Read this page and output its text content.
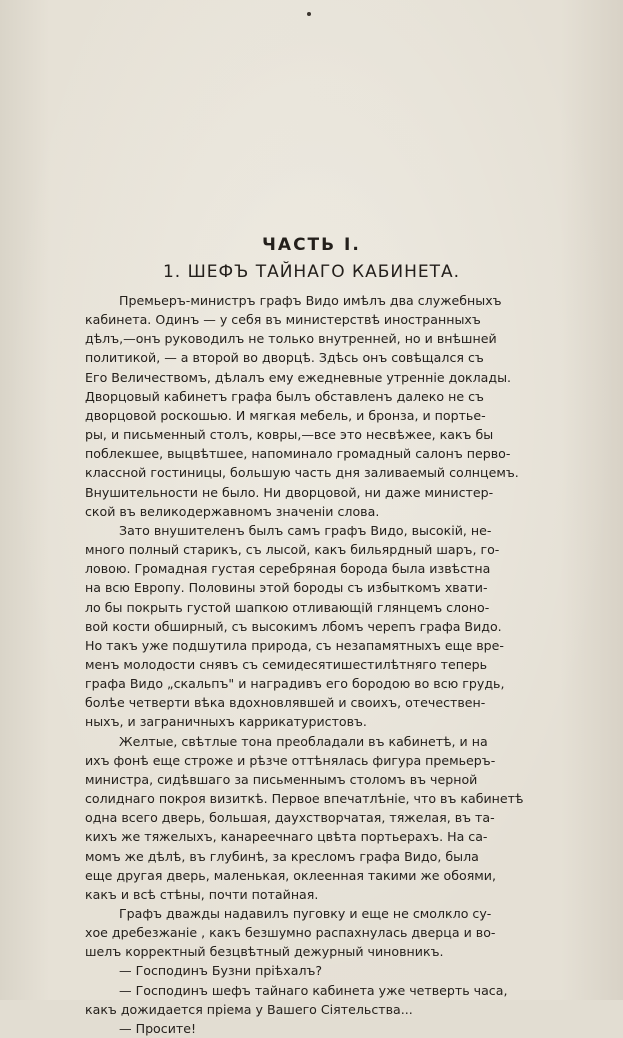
ЧАСТЬ I.
1. ШЕФЪ ТАЙНАГО КАБИНЕТА.
Премьеръ-министръ графъ Видо имѣлъ два служебныхъ
кабинета. Одинъ — у себя въ министерствѣ иностранныхъ
дѣлъ,—онъ руководилъ не только внутренней, но и внѣшней
политикой, — а второй во дворцѣ. Здѣсь онъ совѣщался съ
Его Величествомъ, дѣлалъ ему ежедневные утренніе доклады.
Дворцовый кабинетъ графа былъ обставленъ далеко не съ
дворцовой роскошью. И мягкая мебель, и бронза, и портье-
ры, и письменный столъ, ковры,—все это несвѣжее, какъ бы
поблекшее, выцвѣтшее, напоминало громадный салонъ перво-
классной гостиницы, большую часть дня заливаемый солнцемъ.
Внушительности не было. Ни дворцовой, ни даже министер-
ской въ великодержавномъ значеніи слова.
Зато внушителенъ былъ самъ графъ Видо, высокій, не-
много полный старикъ, съ лысой, какъ бильярдный шаръ, го-
ловою. Громадная густая серебряная борода была извѣстна
на всю Европу. Половины этой бороды съ избыткомъ хвати-
ло бы покрыть густой шапкою отливающій глянцемъ слоно-
вой кости обширный, съ высокимъ лбомъ черепъ графа Видо.
Но такъ уже подшутила природа, съ незапамятныхъ еще вре-
менъ молодости снявъ съ семидесятишестилѣтняго теперь
графа Видо „скальпъ" и наградивъ его бородою во всю грудь,
болѣе четверти вѣка вдохновлявшей и своихъ, отечествен-
ныхъ, и заграничныхъ каррикатуристовъ.
Желтые, свѣтлые тона преобладали въ кабинетѣ, и на
ихъ фонѣ еще строже и рѣзче оттѣнялась фигура премьеръ-
министра, сидѣвшаго за письменнымъ столомъ въ черной
солиднаго покроя визиткѣ. Первое впечатлѣніе, что въ кабинетѣ
одна всего дверь, большая, даухстворчатая, тяжелая, въ та-
кихъ же тяжелыхъ, канареечнаго цвѣта портьерахъ. На са-
момъ же дѣлѣ, въ глубинѣ, за кресломъ графа Видо, была
еще другая дверь, маленькая, оклеенная такими же обоями,
какъ и всѣ стѣны, почти потайная.
Графъ дважды надавилъ пуговку и еще не смолкло су-
хое дребезжаніе , какъ безшумно распахнулась дверца и во-
шелъ корректный безцвѣтный дежурный чиновникъ.
— Господинъ Бузни пріѣхалъ?
— Господинъ шефъ тайнаго кабинета уже четверть часа,
какъ дожидается пріема у Вашего Сіятельства...
— Просите!
